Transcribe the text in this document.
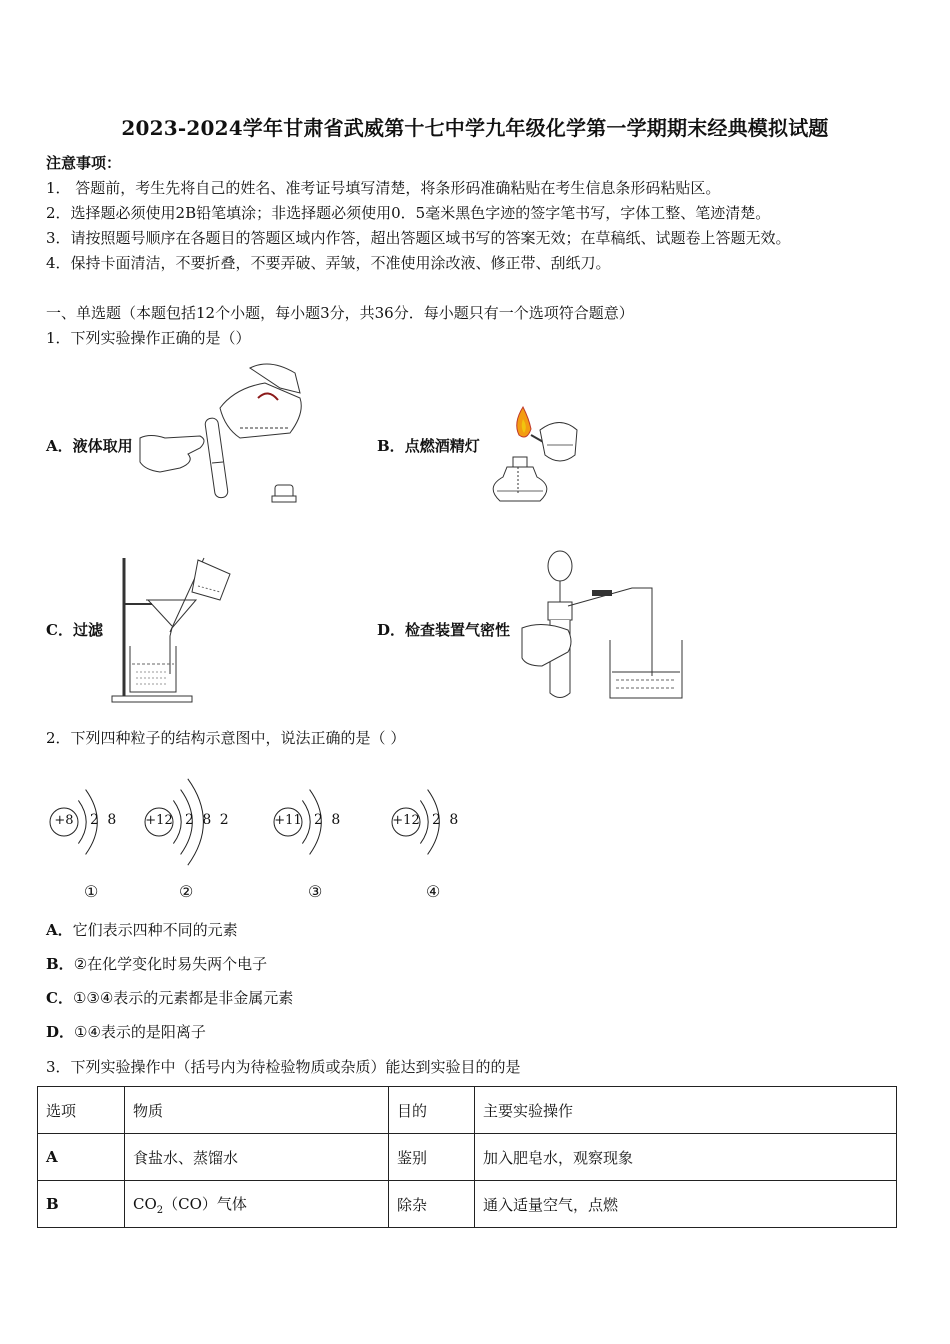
2023-2024学年甘肃省武威第十七中学九年级化学第一学期期末经典模拟试题
注意事项：
1． 答题前，考生先将自己的姓名、准考证号填写清楚，将条形码准确粘贴在考生信息条形码粘贴区。
2．选择题必须使用2B铅笔填涂；非选择题必须使用0．5毫米黑色字迹的签字笔书写，字体工整、笔迹清楚。
3．请按照题号顺序在各题目的答题区域内作答，超出答题区域书写的答案无效；在草稿纸、试题卷上答题无效。
4．保持卡面清洁，不要折叠，不要弄破、弄皱，不准使用涂改液、修正带、刮纸刀。
一、单选题（本题包括12个小题，每小题3分，共36分．每小题只有一个选项符合题意）
1．下列实验操作正确的是（）
A．液体取用	B．点燃酒精灯
C．过滤	D．检查装置气密性
2．下列四种粒子的结构示意图中，说法正确的是（ ）
+8	2 8
①
+12 2 8 2
②
+11 2 8
③
+12 2 8
④
A．它们表示四种不同的元素
B．②在化学变化时易失两个电子
C．①③④表示的元素都是非金属元素
D．①④表示的是阳离子
3．下列实验操作中（括号内为待检验物质或杂质）能达到实验目的的是
选项	物质	目的	主要实验操作
A	食盐水、蒸馏水	鉴别	加入肥皂水，观察现象
B	$CO_2(CO)$气体	除杂	通入适量空气，点燃
